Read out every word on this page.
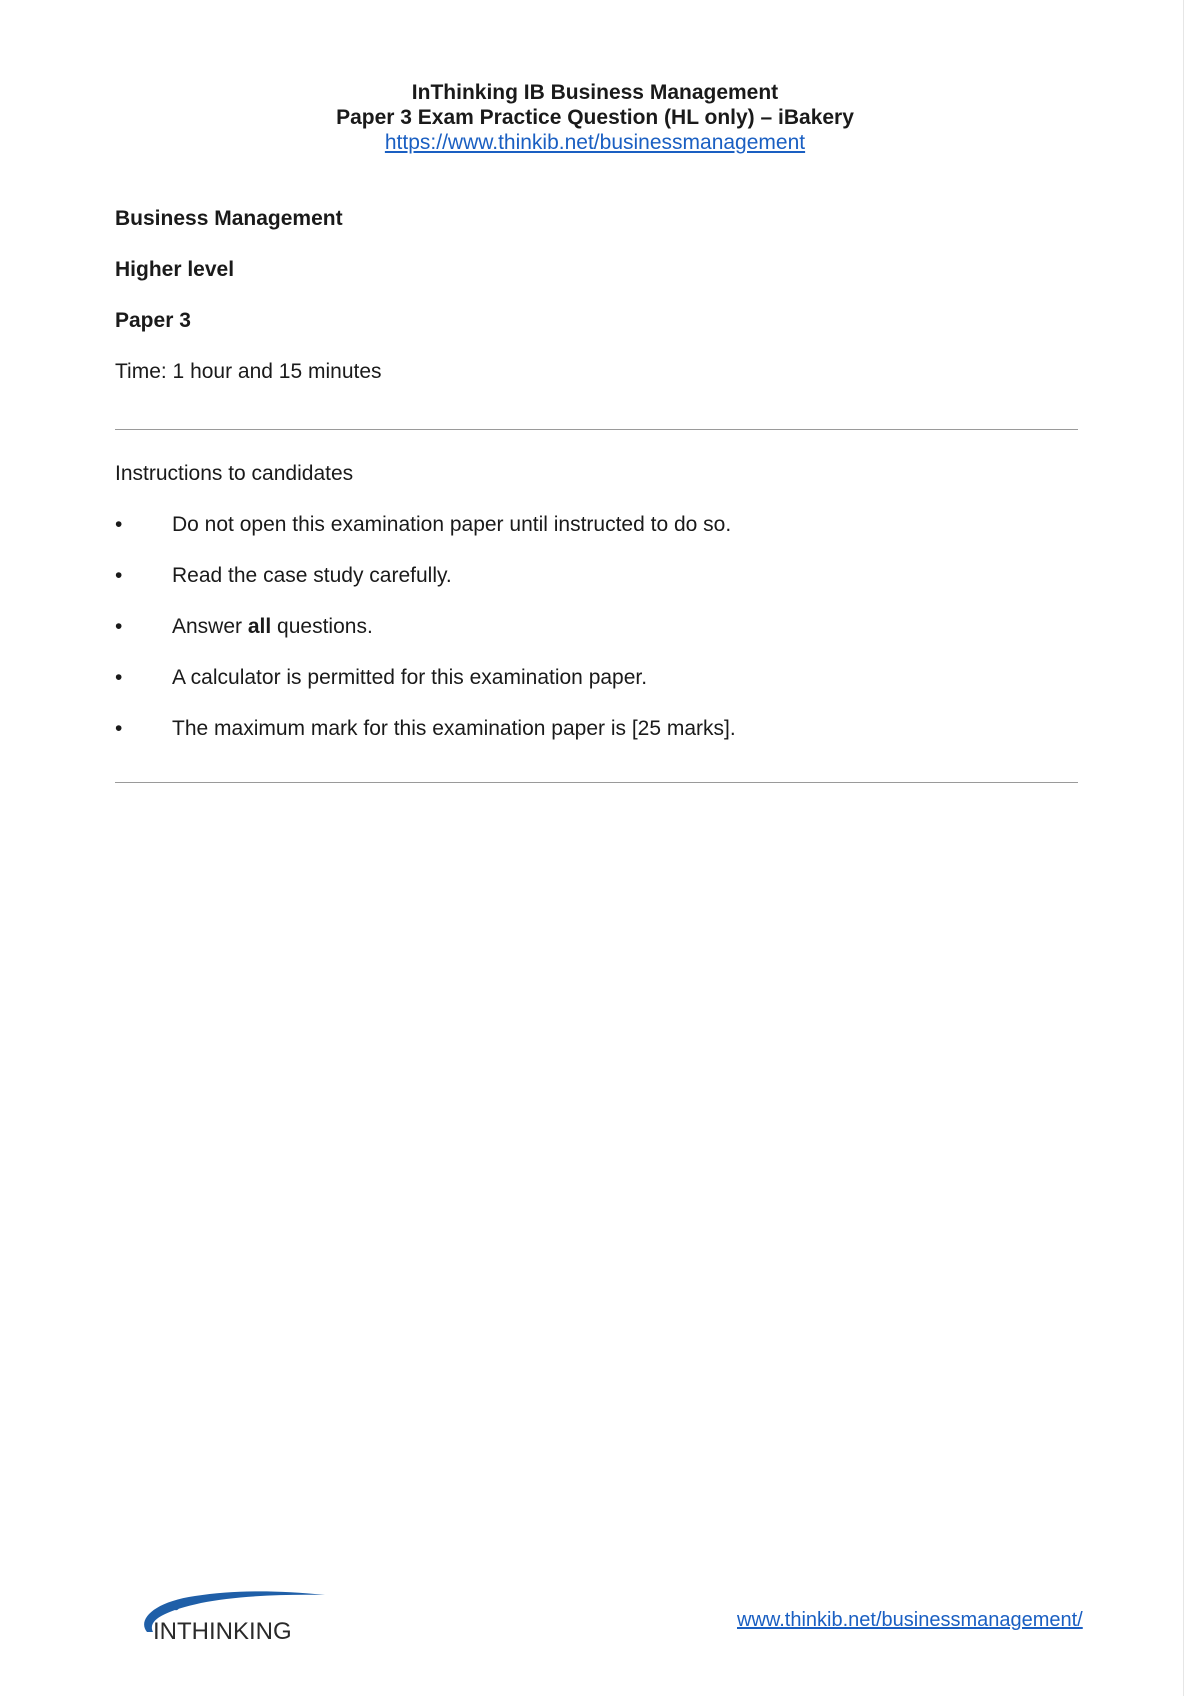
InThinking IB Business Management
Paper 3 Exam Practice Question (HL only) – iBakery
https://www.thinkib.net/businessmanagement
Business Management
Higher level
Paper 3
Time: 1 hour and 15 minutes
Instructions to candidates
•	Do not open this examination paper until instructed to do so.
•	Read the case study carefully.
•	Answer all questions.
•	A calculator is permitted for this examination paper.
•	The maximum mark for this examination paper is [25 marks].
INTHINKING	www.thinkib.net/businessmanagement/
